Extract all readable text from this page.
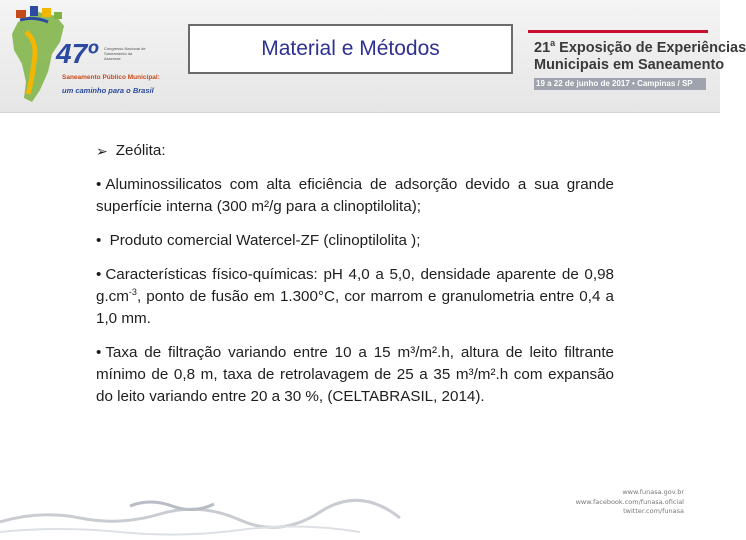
47º Congresso Nacional de Saneamento da Assemae
Saneamento Público Municipal:
um caminho para o Brasil
Material e Métodos	21$^a$ Exposição de Experiências
Municipais em Saneamento
19 a 22 de junho de 2017 • Campinas / SP
➢ Zeólita:

• Aluminossilicatos com alta eficiência de adsorção devido a sua grande superfície interna (300 m²/g para a clinoptilolita);

• Produto comercial Watercel-ZF (clinoptilolita );

• Características físico-químicas: pH 4,0 a 5,0, densidade aparente de 0,98 $g.cm^{-3}$, ponto de fusão em 1.300°C, cor marrom e granulometria entre 0,4 a 1,0 mm.

• Taxa de filtração variando entre 10 a 15 m³/m².h, altura de leito filtrante mínimo de 0,8 m, taxa de retrolavagem de 25 a 35 m³/m².h com expansão do leito variando entre 20 a 30 %, (CELTABRASIL, 2014).

www.funasa.gov.br
www.facebook.com/funasa.oficial
twitter.com/funasa
